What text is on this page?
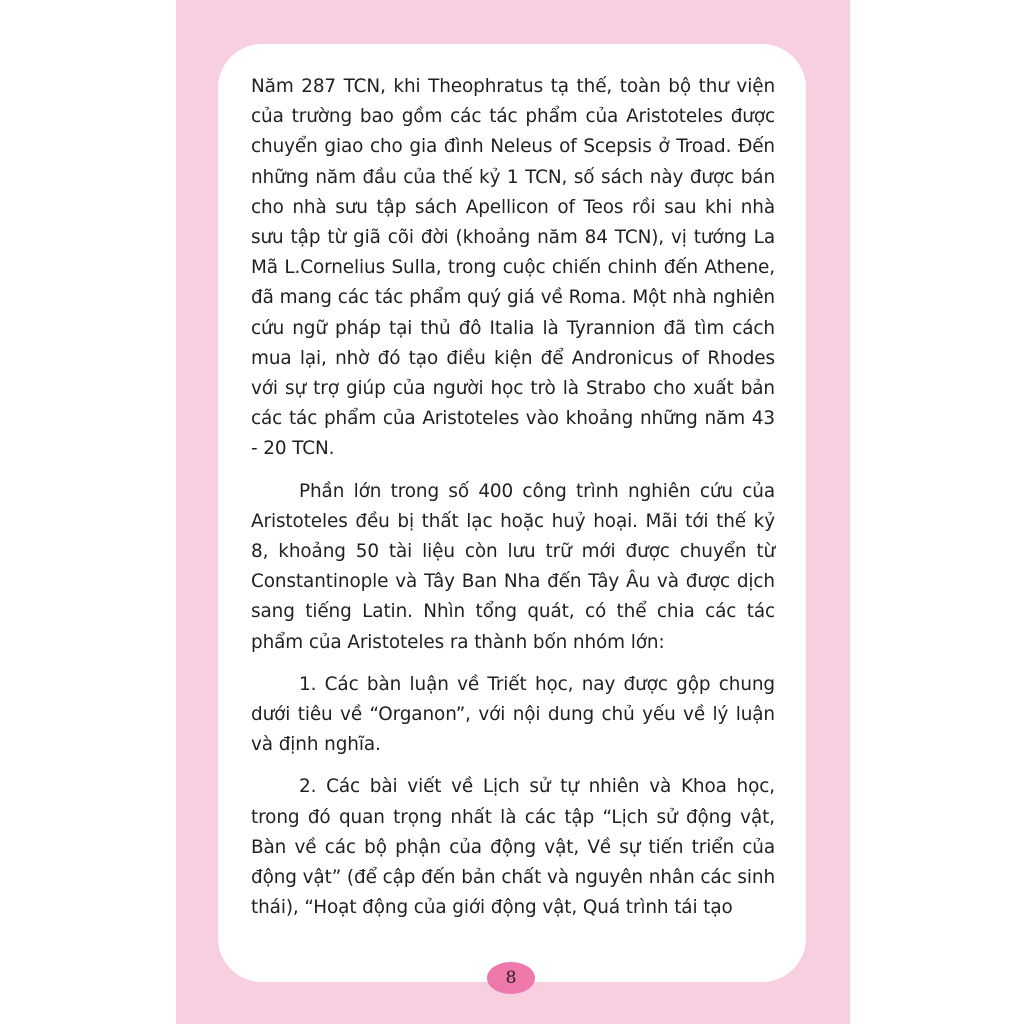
Năm 287 TCN, khi Theophratus tạ thế, toàn bộ thư viện của trường bao gồm các tác phẩm của Aristoteles được chuyển giao cho gia đình Neleus of Scepsis ở Troad. Đến những năm đầu của thế kỷ 1 TCN, số sách này được bán cho nhà sưu tập sách Apellicon of Teos rồi sau khi nhà sưu tập từ giã cõi đời (khoảng năm 84 TCN), vị tướng La Mã L.Cornelius Sulla, trong cuộc chiến chinh đến Athene, đã mang các tác phẩm quý giá về Roma. Một nhà nghiên cứu ngữ pháp tại thủ đô Italia là Tyrannion đã tìm cách mua lại, nhờ đó tạo điều kiện để Andronicus of Rhodes với sự trợ giúp của người học trò là Strabo cho xuất bản các tác phẩm của Aristoteles vào khoảng những năm 43 - 20 TCN.

Phần lớn trong số 400 công trình nghiên cứu của Aristoteles đều bị thất lạc hoặc huỷ hoại. Mãi tới thế kỷ 8, khoảng 50 tài liệu còn lưu trữ mới được chuyển từ Constantinople và Tây Ban Nha đến Tây Âu và được dịch sang tiếng Latin. Nhìn tổng quát, có thể chia các tác phẩm của Aristoteles ra thành bốn nhóm lớn:

1. Các bàn luận về Triết học, nay được gộp chung dưới tiêu về “Organon”, với nội dung chủ yếu về lý luận và định nghĩa.

2. Các bài viết về Lịch sử tự nhiên và Khoa học, trong đó quan trọng nhất là các tập “Lịch sử động vật, Bàn về các bộ phận của động vật, Về sự tiến triển của động vật” (để cập đến bản chất và nguyên nhân các sinh thái), “Hoạt động của giới động vật, Quá trình tái tạo

8
